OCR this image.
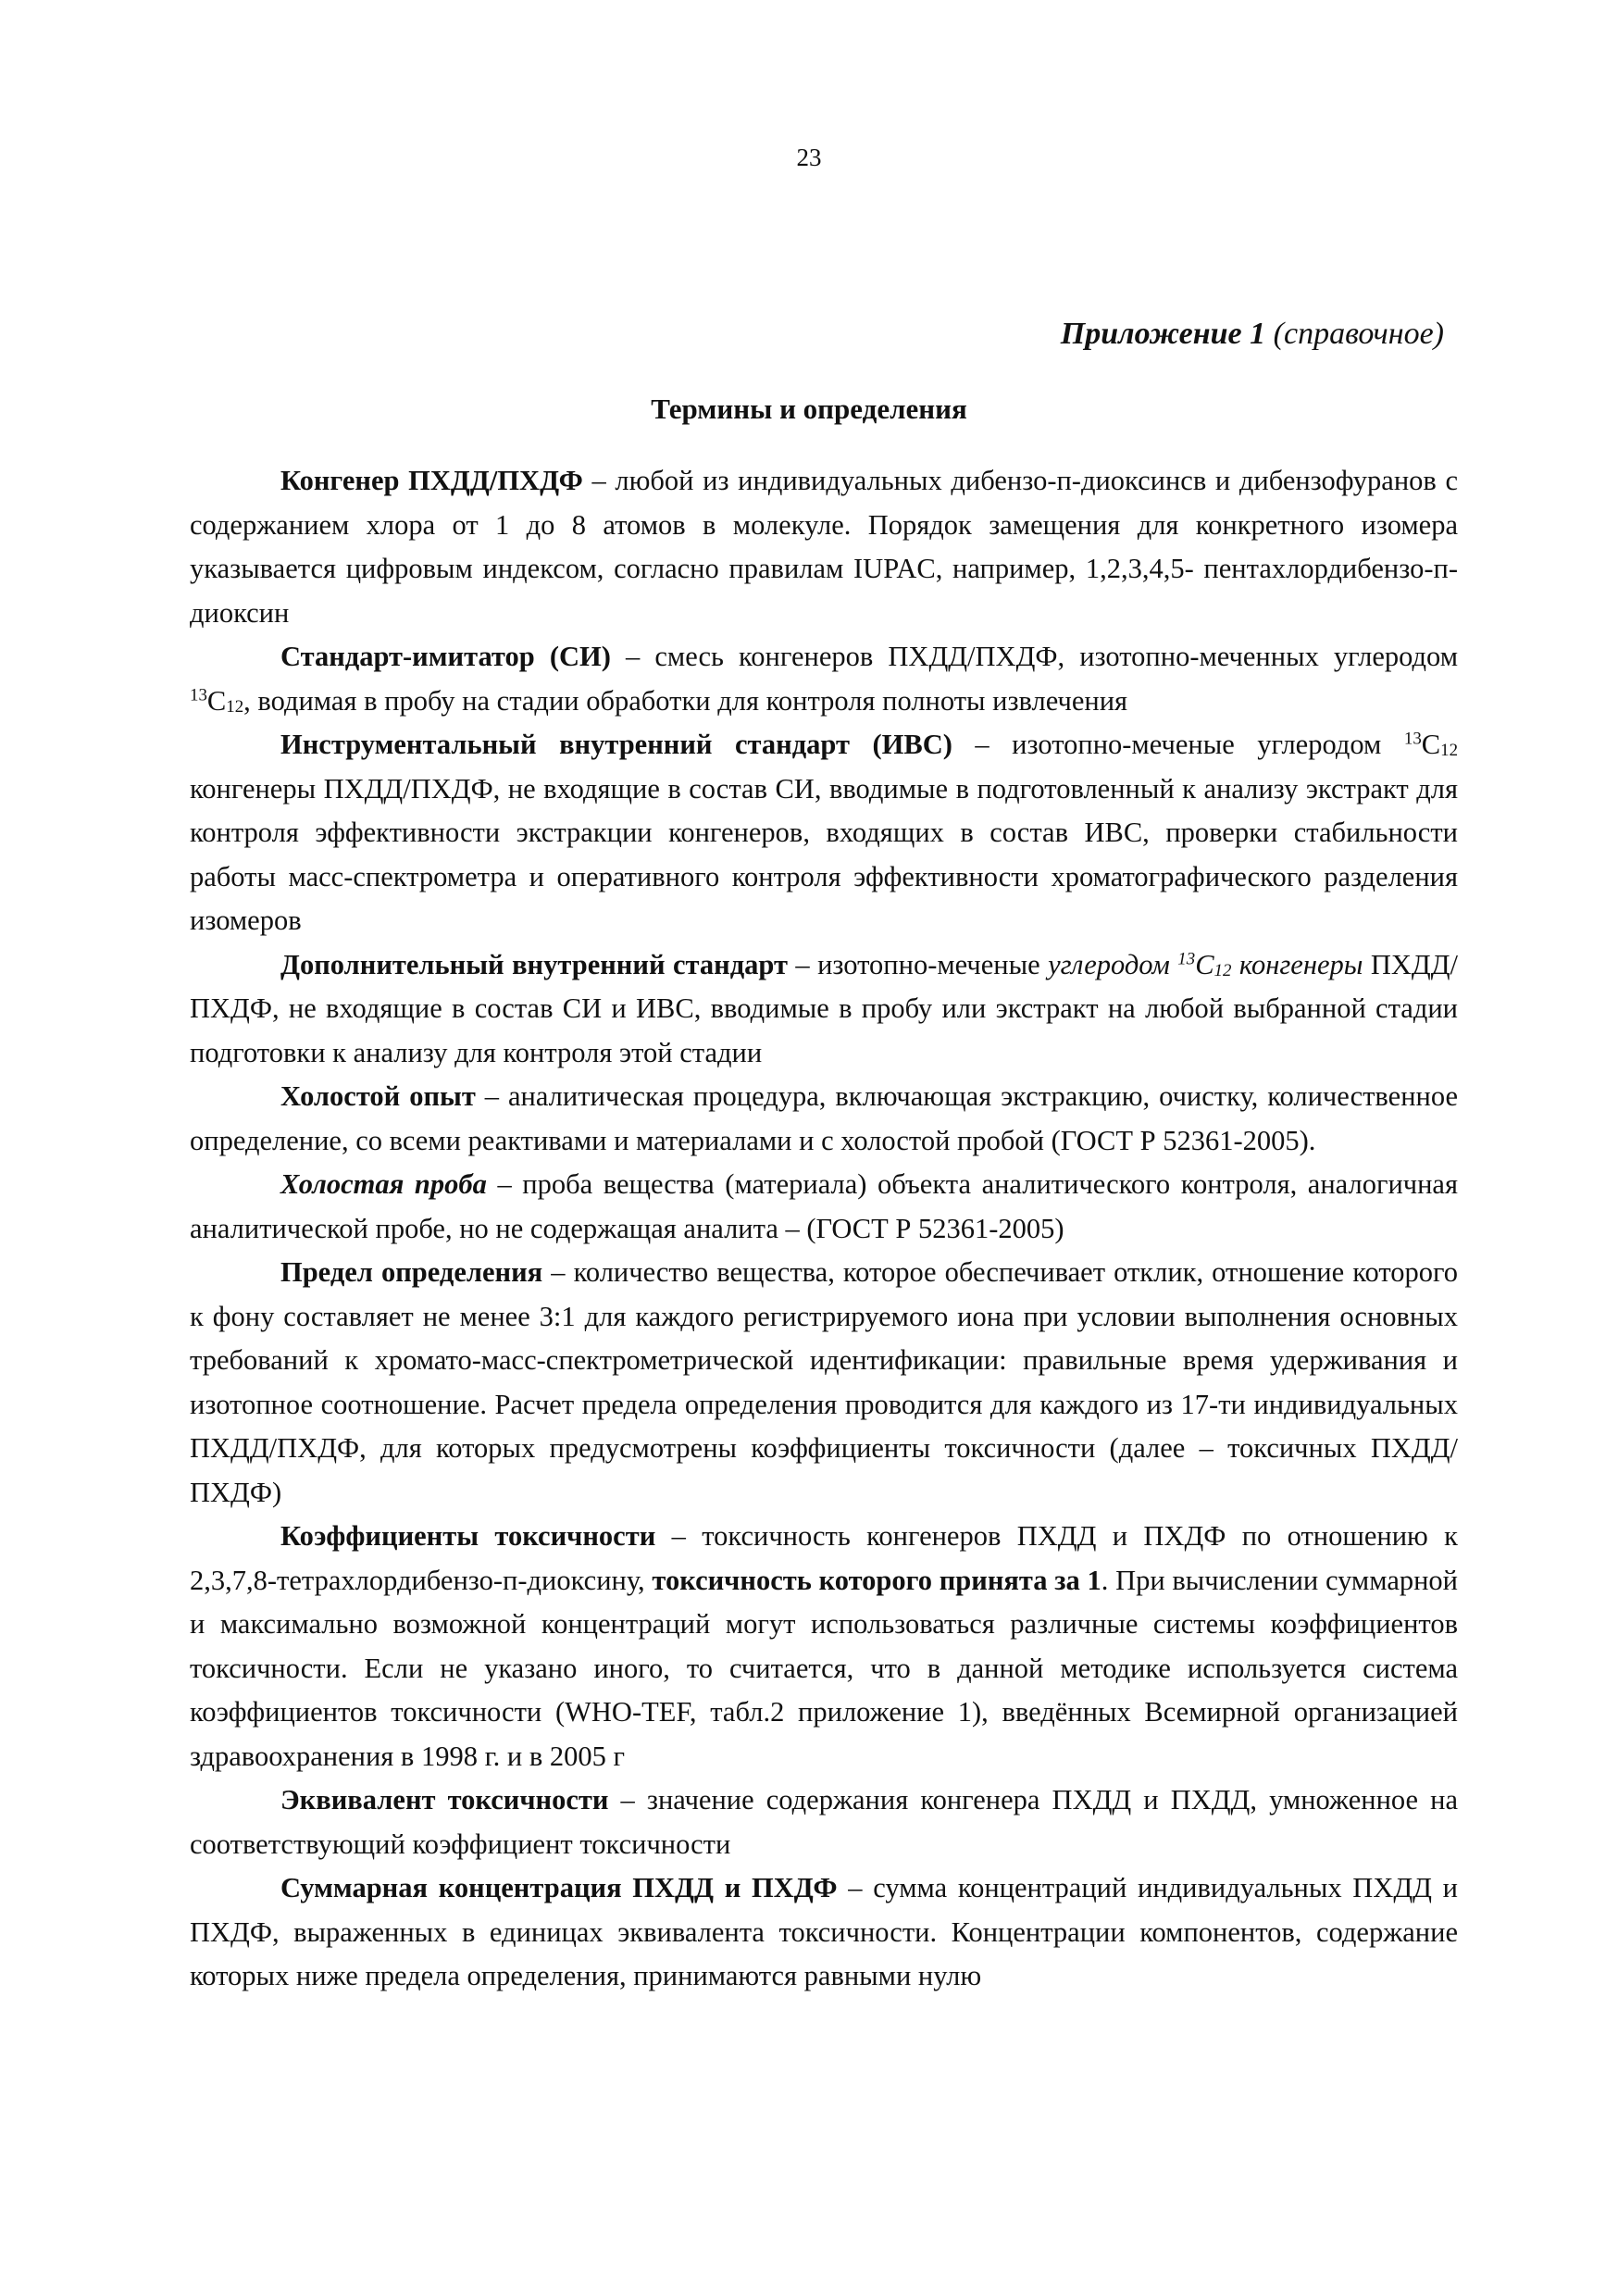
23
Приложение 1 (справочное)
Термины и определения

Конгенер ПХДД/ПХДФ – любой из индивидуальных дибензо-п-диоксинсв и дибензофуранов с содержанием хлора от 1 до 8 атомов в молекуле. Порядок замещения для конкретного изомера указывается цифровым индексом, согласно правилам IUPAC, например, 1,2,3,4,5- пентахлордибензо-п-диоксин

Стандарт-имитатор (СИ) – смесь конгенеров ПХДД/ПХДФ, изотопно-меченных углеродом $^{13}C_{12}$, водимая в пробу на стадии обработки для контроля полноты извлечения

Инструментальный внутренний стандарт (ИВС) – изотопно-меченые углеродом $^{13}C_{12}$ конгенеры ПХДД/ПХДФ, не входящие в состав СИ, вводимые в подготовленный к анализу экстракт для контроля эффективности экстракции конгенеров, входящих в состав ИВС, проверки стабильности работы масс-спектрометра и оперативного контроля эффективности хроматографического разделения изомеров

Дополнительный внутренний стандарт – изотопно-меченые углеродом $^{13}C_{12}$ конгенеры ПХДД/ПХДФ, не входящие в состав СИ и ИВС, вводимые в пробу или экстракт на любой выбранной стадии подготовки к анализу для контроля этой стадии

Холостой опыт – аналитическая процедура, включающая экстракцию, очистку, количественное определение, со всеми реактивами и материалами и с холостой пробой (ГОСТ Р 52361-2005).

Холостая проба – проба вещества (материала) объекта аналитического контроля, аналогичная аналитической пробе, но не содержащая аналита – (ГОСТ Р 52361-2005)

Предел определения – количество вещества, которое обеспечивает отклик, отношение которого к фону составляет не менее 3:1 для каждого регистрируемого иона при условии выполнения основных требований к хромато-масс-спектрометрической идентификации: правильные время удерживания и изотопное соотношение. Расчет предела определения проводится для каждого из 17-ти индивидуальных ПХДД/ПХДФ, для которых предусмотрены коэффициенты токсичности (далее – токсичных ПХДД/ПХДФ)

Коэффициенты токсичности – токсичность конгенеров ПХДД и ПХДФ по отношению к 2,3,7,8-тетрахлордибензо-п-диоксину, токсичность которого принята за 1. При вычислении суммарной и максимально возможной концентраций могут использоваться различные системы коэффициентов токсичности. Если не указано иного, то считается, что в данной методике используется система коэффициентов токсичности (WHO-TEF, табл.2 приложение 1), введённых Всемирной организацией здравоохранения в 1998 г. и в 2005 г

Эквивалент токсичности – значение содержания конгенера ПХДД и ПХДД, умноженное на соответствующий коэффициент токсичности

Суммарная концентрация ПХДД и ПХДФ – сумма концентраций индивидуальных ПХДД и ПХДФ, выраженных в единицах эквивалента токсичности. Концентрации компонентов, содержание которых ниже предела определения, принимаются равными нулю
